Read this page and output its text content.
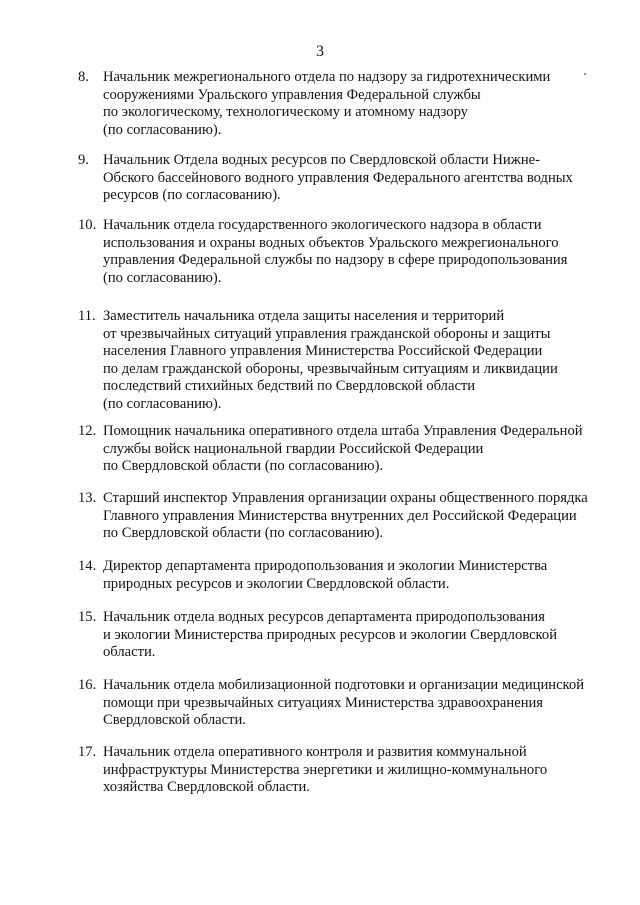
3
8. Начальник межрегионального отдела по надзору за гидротехническими
сооружениями Уральского управления Федеральной службы
по экологическому, технологическому и атомному надзору
(по согласованию).
9. Начальник Отдела водных ресурсов по Свердловской области Нижне-
Обского бассейнового водного управления Федерального агентства водных
ресурсов (по согласованию).
10. Начальник отдела государственного экологического надзора в области
использования и охраны водных объектов Уральского межрегионального
управления Федеральной службы по надзору в сфере природопользования
(по согласованию).
11. Заместитель начальника отдела защиты населения и территорий
от чрезвычайных ситуаций управления гражданской обороны и защиты
населения Главного управления Министерства Российской Федерации
по делам гражданской обороны, чрезвычайным ситуациям и ликвидации
последствий стихийных бедствий по Свердловской области
(по согласованию).
12. Помощник начальника оперативного отдела штаба Управления Федеральной
службы войск национальной гвардии Российской Федерации
по Свердловской области (по согласованию).
13. Старший инспектор Управления организации охраны общественного порядка
Главного управления Министерства внутренних дел Российской Федерации
по Свердловской области (по согласованию).
14. Директор департамента природопользования и экологии Министерства
природных ресурсов и экологии Свердловской области.
15. Начальник отдела водных ресурсов департамента природопользования
и экологии Министерства природных ресурсов и экологии Свердловской
области.
16. Начальник отдела мобилизационной подготовки и организации медицинской
помощи при чрезвычайных ситуациях Министерства здравоохранения
Свердловской области.
17. Начальник отдела оперативного контроля и развития коммунальной
инфраструктуры Министерства энергетики и жилищно-коммунального
хозяйства Свердловской области.
